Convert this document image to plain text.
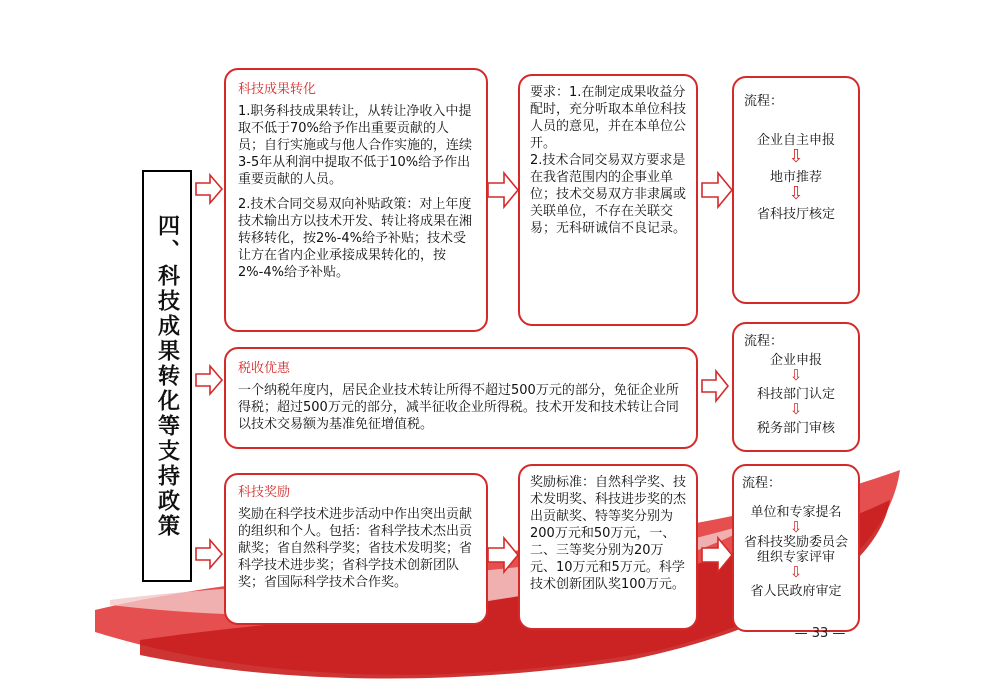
四、科技成果转化等支持政策
科技成果转化

1.职务科技成果转让，从转让净收入中提取不低于70%给予作出重要贡献的人员；自行实施或与他人合作实施的，连续3-5年从利润中提取不低于10%给予作出重要贡献的人员。

2.技术合同交易双向补贴政策：对上年度技术输出方以技术开发、转让将成果在湘转移转化，按2%-4%给予补贴；技术受让方在省内企业承接成果转化的，按2%-4%给予补贴。

要求：1.在制定成果收益分配时，充分听取本单位科技人员的意见，并在本单位公开。

2.技术合同交易双方要求是在我省范围内的企事业单位；技术交易双方非隶属或关联单位，不存在关联交易；无科研诚信不良记录。

流程：
企业自主申报
⇩
地市推荐
⇩
省科技厅核定
税收优惠

一个纳税年度内，居民企业技术转让所得不超过500万元的部分，免征企业所得税；超过500万元的部分，减半征收企业所得税。技术开发和技术转让合同以技术交易额为基准免征增值税。

流程：
企业申报
⇩
科技部门认定
⇩
税务部门审核
科技奖励

奖励在科学技术进步活动中作出突出贡献的组织和个人。包括：省科学技术杰出贡献奖；省自然科学奖；省技术发明奖；省科学技术进步奖；省科学技术创新团队奖；省国际科学技术合作奖。

奖励标准：自然科学奖、技术发明奖、科技进步奖的杰出贡献奖、特等奖分别为200万元和50万元，一、二、三等奖分别为20万元、10万元和5万元。科学技术创新团队奖100万元。

流程：
单位和专家提名
⇩
省科技奖励委员会组织专家评审
⇩
省人民政府审定
— 33 —
